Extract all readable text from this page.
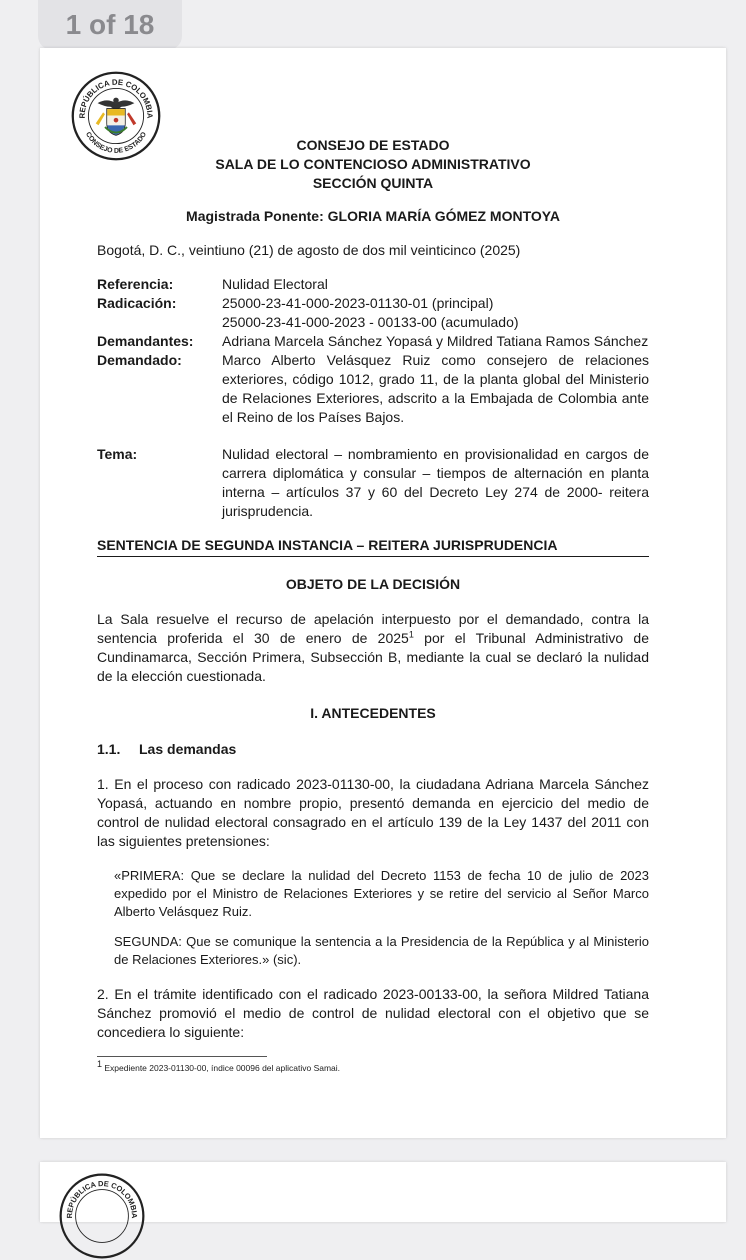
1 of 18
REPÚBLICA DE COLOMBIA
CONSEJO DE ESTADO
CONSEJO DE ESTADO
SALA DE LO CONTENCIOSO ADMINISTRATIVO
SECCIÓN QUINTA
Magistrada Ponente: GLORIA MARÍA GÓMEZ MONTOYA
Bogotá, D. C., veintiuno (21) de agosto de dos mil veinticinco (2025)
Referencia:	Nulidad Electoral
Radicación:	25000-23-41-000-2023-01130-01 (principal)
25000-23-41-000-2023 - 00133-00 (acumulado)
Demandantes:	Adriana Marcela Sánchez Yopasá y Mildred Tatiana Ramos Sánchez
Demandado:	Marco Alberto Velásquez Ruiz como consejero de relaciones exteriores, código 1012, grado 11, de la planta global del Ministerio de Relaciones Exteriores, adscrito a la Embajada de Colombia ante el Reino de los Países Bajos.
Tema:	Nulidad electoral – nombramiento en provisionalidad en cargos de carrera diplomática y consular – tiempos de alternación en planta interna – artículos 37 y 60 del Decreto Ley 274 de 2000- reitera jurisprudencia.
SENTENCIA DE SEGUNDA INSTANCIA – REITERA JURISPRUDENCIA
OBJETO DE LA DECISIÓN

La Sala resuelve el recurso de apelación interpuesto por el demandado, contra la sentencia proferida el 30 de enero de 2025$^1$ por el Tribunal Administrativo de Cundinamarca, Sección Primera, Subsección B, mediante la cual se declaró la nulidad de la elección cuestionada.

I. ANTECEDENTES
1.1.	Las demandas

1. En el proceso con radicado 2023-01130-00, la ciudadana Adriana Marcela Sánchez Yopasá, actuando en nombre propio, presentó demanda en ejercicio del medio de control de nulidad electoral consagrado en el artículo 139 de la Ley 1437 del 2011 con las siguientes pretensiones:

«PRIMERA: Que se declare la nulidad del Decreto 1153 de fecha 10 de julio de 2023 expedido por el Ministro de Relaciones Exteriores y se retire del servicio al Señor Marco Alberto Velásquez Ruiz.
SEGUNDA: Que se comunique la sentencia a la Presidencia de la República y al Ministerio de Relaciones Exteriores.» (sic).

2. En el trámite identificado con el radicado 2023-00133-00, la señora Mildred Tatiana Sánchez promovió el medio de control de nulidad electoral con el objetivo que se concediera lo siguiente:

$^1$ Expediente 2023-01130-00, índice 00096 del aplicativo Samai.
REPÚBLICA DE COLOMBIA
